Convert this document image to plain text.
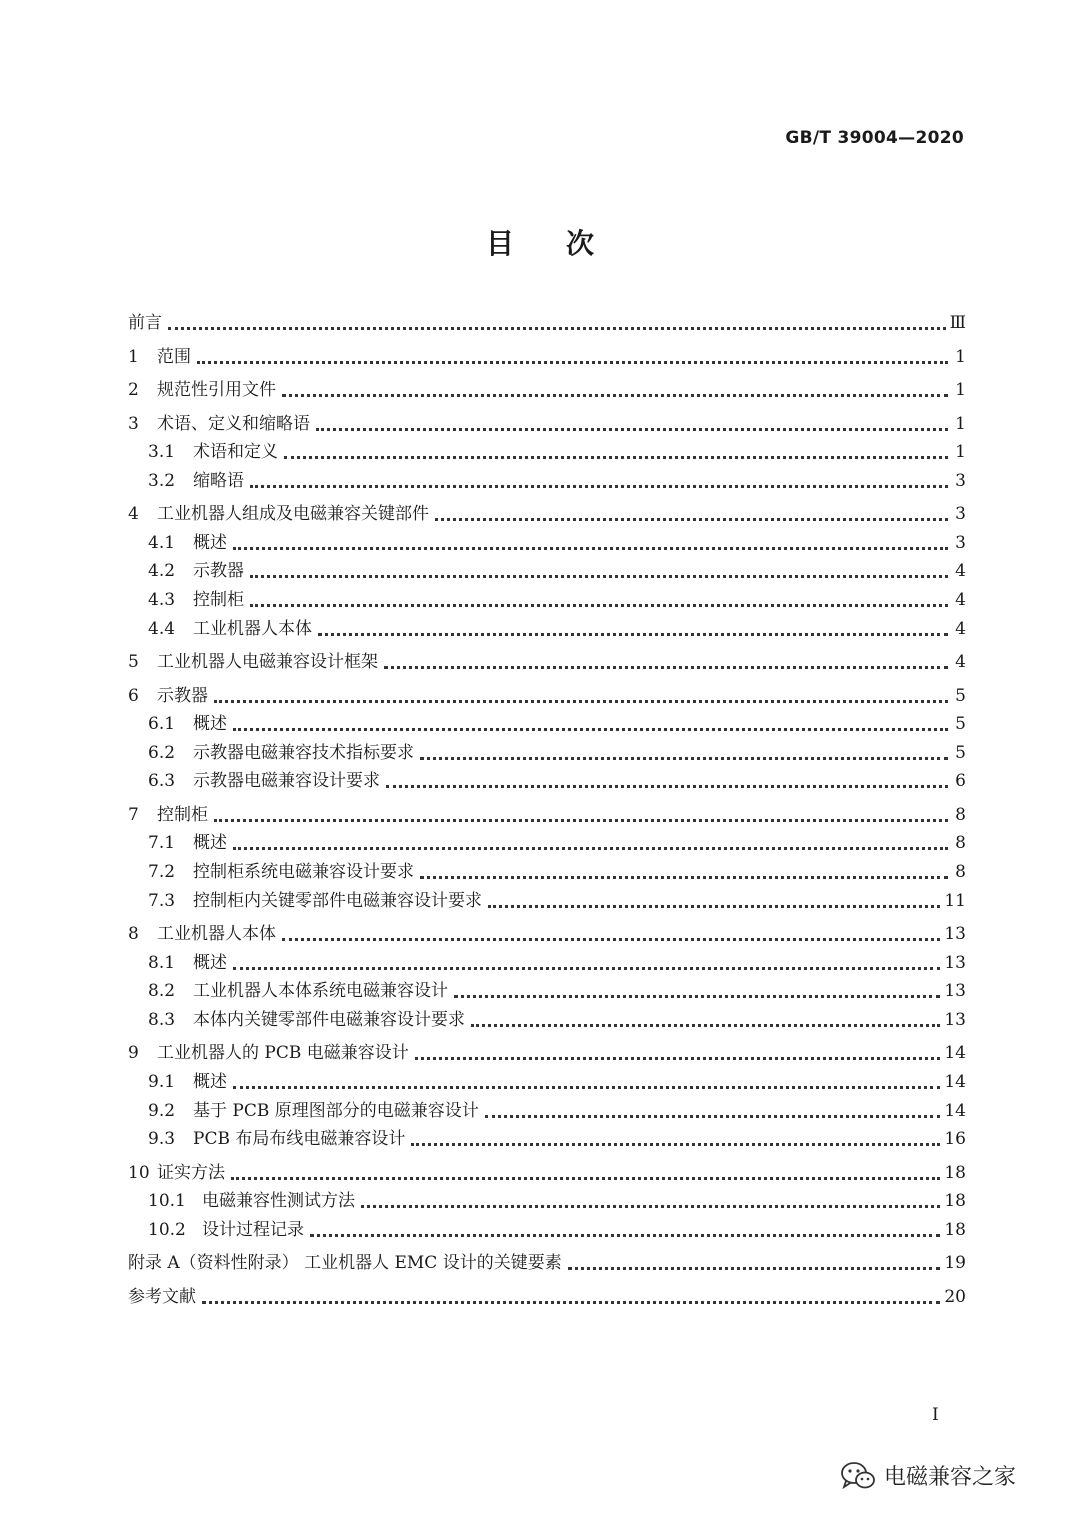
GB/T 39004—2020
目 次
前言	Ⅲ
1	范围	1
2	规范性引用文件	1
3	术语、定义和缩略语	1
3.1	术语和定义	1
3.2	缩略语	3
4	工业机器人组成及电磁兼容关键部件	3
4.1	概述	3
4.2	示教器	4
4.3	控制柜	4
4.4	工业机器人本体	4
5	工业机器人电磁兼容设计框架	4
6	示教器	5
6.1	概述	5
6.2	示教器电磁兼容技术指标要求	5
6.3	示教器电磁兼容设计要求	6
7	控制柜	8
7.1	概述	8
7.2	控制柜系统电磁兼容设计要求	8
7.3	控制柜内关键零部件电磁兼容设计要求	11
8	工业机器人本体	13
8.1	概述	13
8.2	工业机器人本体系统电磁兼容设计	13
8.3	本体内关键零部件电磁兼容设计要求	13
9	工业机器人的 PCB 电磁兼容设计	14
9.1	概述	14
9.2	基于 PCB 原理图部分的电磁兼容设计	14
9.3	PCB 布局布线电磁兼容设计	16
10 证实方法	18
10.1 电磁兼容性测试方法	18
10.2 设计过程记录	18
附录 A（资料性附录） 工业机器人 EMC 设计的关键要素	19
参考文献	20
I
电磁兼容之家
